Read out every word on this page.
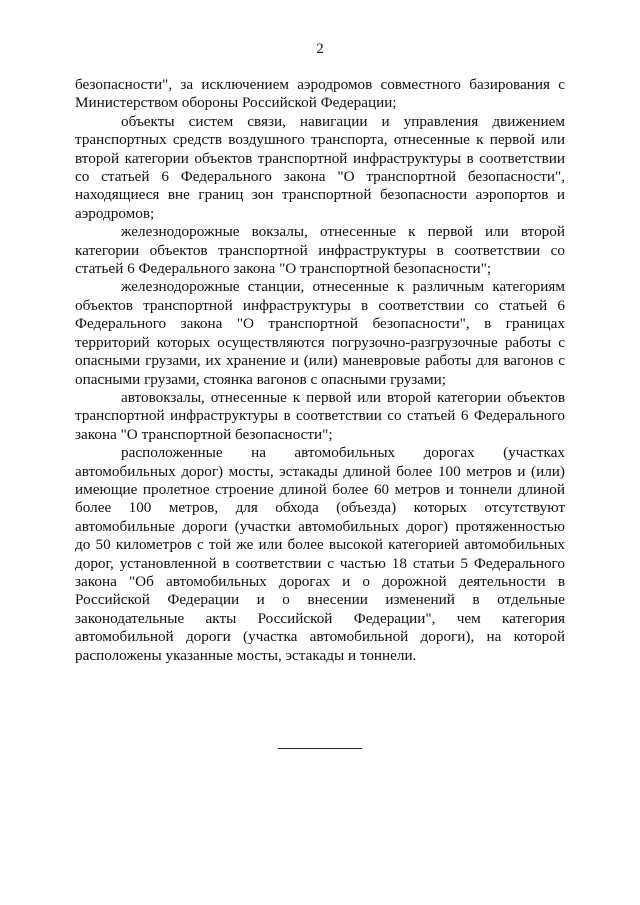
2

безопасности", за исключением аэродромов совместного базирования с Министерством обороны Российской Федерации;

объекты систем связи, навигации и управления движением транспортных средств воздушного транспорта, отнесенные к первой или второй категории объектов транспортной инфраструктуры в соответствии со статьей 6 Федерального закона "О транспортной безопасности", находящиеся вне границ зон транспортной безопасности аэропортов и аэродромов;

железнодорожные вокзалы, отнесенные к первой или второй категории объектов транспортной инфраструктуры в соответствии со статьей 6 Федерального закона "О транспортной безопасности";

железнодорожные станции, отнесенные к различным категориям объектов транспортной инфраструктуры в соответствии со статьей 6 Федерального закона "О транспортной безопасности", в границах территорий которых осуществляются погрузочно-разгрузочные работы с опасными грузами, их хранение и (или) маневровые работы для вагонов с опасными грузами, стоянка вагонов с опасными грузами;

автовокзалы, отнесенные к первой или второй категории объектов транспортной инфраструктуры в соответствии со статьей 6 Федерального закона "О транспортной безопасности";

расположенные на автомобильных дорогах (участках автомобильных дорог) мосты, эстакады длиной более 100 метров и (или) имеющие пролетное строение длиной более 60 метров и тоннели длиной более 100 метров, для обхода (объезда) которых отсутствуют автомобильные дороги (участки автомобильных дорог) протяженностью до 50 километров с той же или более высокой категорией автомобильных дорог, установленной в соответствии с частью 18 статьи 5 Федерального закона "Об автомобильных дорогах и о дорожной деятельности в Российской Федерации и о внесении изменений в отдельные законодательные акты Российской Федерации", чем категория автомобильной дороги (участка автомобильной дороги), на которой расположены указанные мосты, эстакады и тоннели.
